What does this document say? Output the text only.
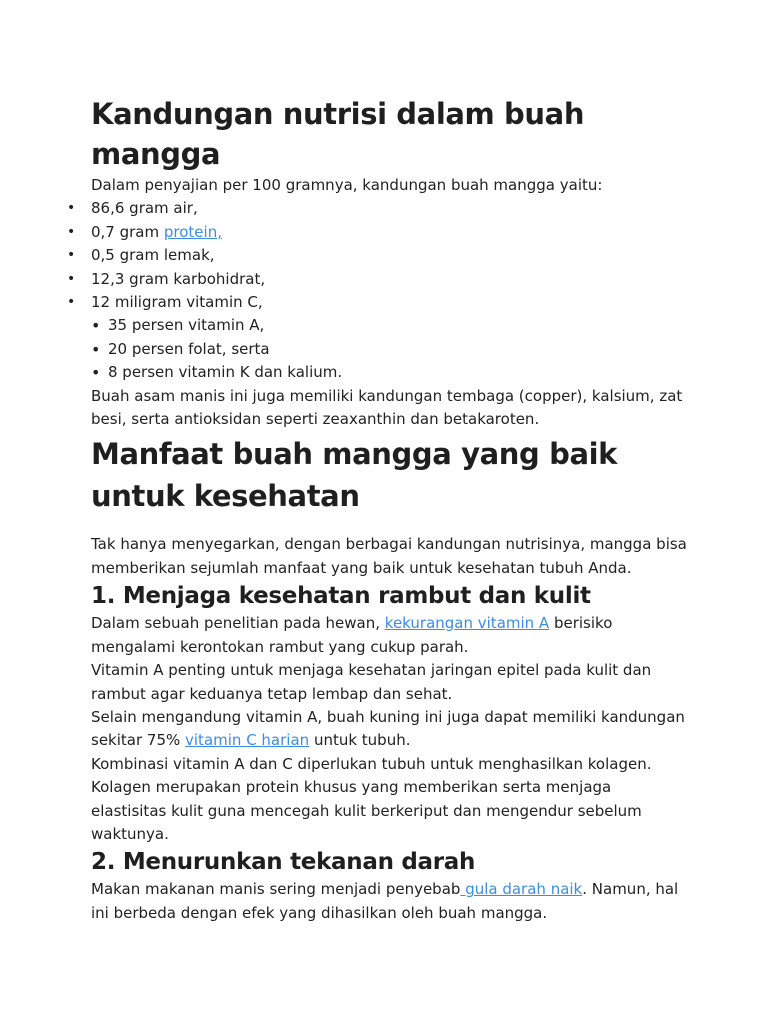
Kandungan nutrisi dalam buah mangga

Dalam penyajian per 100 gramnya, kandungan buah mangga yaitu:

• 86,6 gram air,
• 0,7 gram protein,
• 0,5 gram lemak,
• 12,3 gram karbohidrat,
• 12 miligram vitamin C,
• 35 persen vitamin A,
• 20 persen folat, serta
• 8 persen vitamin K dan kalium.

Buah asam manis ini juga memiliki kandungan tembaga (copper), kalsium, zat besi, serta antioksidan seperti zeaxanthin dan betakaroten.

Manfaat buah mangga yang baik untuk kesehatan

Tak hanya menyegarkan, dengan berbagai kandungan nutrisinya, mangga bisa memberikan sejumlah manfaat yang baik untuk kesehatan tubuh Anda.

1. Menjaga kesehatan rambut dan kulit

Dalam sebuah penelitian pada hewan, kekurangan vitamin A berisiko mengalami kerontokan rambut yang cukup parah.

Vitamin A penting untuk menjaga kesehatan jaringan epitel pada kulit dan rambut agar keduanya tetap lembap dan sehat.

Selain mengandung vitamin A, buah kuning ini juga dapat memiliki kandungan sekitar 75% vitamin C harian untuk tubuh.

Kombinasi vitamin A dan C diperlukan tubuh untuk menghasilkan kolagen. Kolagen merupakan protein khusus yang memberikan serta menjaga elastisitas kulit guna mencegah kulit berkeriput dan mengendur sebelum waktunya.

2. Menurunkan tekanan darah

Makan makanan manis sering menjadi penyebab gula darah naik. Namun, hal ini berbeda dengan efek yang dihasilkan oleh buah mangga.
